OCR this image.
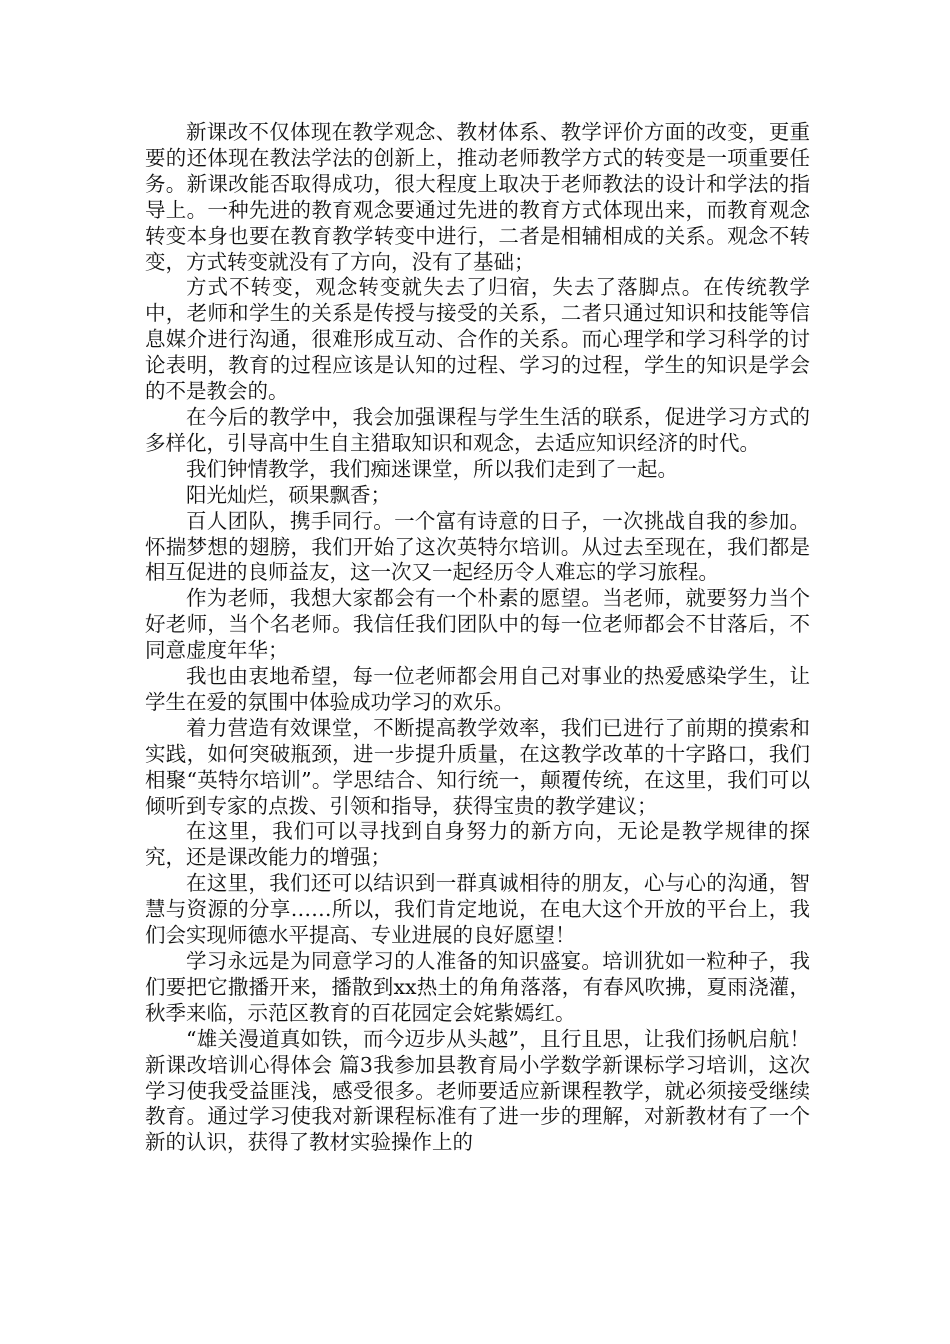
新课改不仅体现在教学观念、教材体系、教学评价方面的改变，更重要的还体现在教法学法的创新上，推动老师教学方式的转变是一项重要任务。新课改能否取得成功，很大程度上取决于老师教法的设计和学法的指导上。一种先进的教育观念要通过先进的教育方式体现出来，而教育观念转变本身也要在教育教学转变中进行，二者是相辅相成的关系。观念不转变，方式转变就没有了方向，没有了基础；

方式不转变，观念转变就失去了归宿，失去了落脚点。在传统教学中，老师和学生的关系是传授与接受的关系，二者只通过知识和技能等信息媒介进行沟通，很难形成互动、合作的关系。而心理学和学习科学的讨论表明，教育的过程应该是认知的过程、学习的过程，学生的知识是学会的不是教会的。

在今后的教学中，我会加强课程与学生生活的联系，促进学习方式的多样化，引导高中生自主猎取知识和观念，去适应知识经济的时代。

我们钟情教学，我们痴迷课堂，所以我们走到了一起。

阳光灿烂，硕果飘香；

百人团队，携手同行。一个富有诗意的日子，一次挑战自我的参加。怀揣梦想的翅膀，我们开始了这次英特尔培训。从过去至现在，我们都是相互促进的良师益友，这一次又一起经历令人难忘的学习旅程。

作为老师，我想大家都会有一个朴素的愿望。当老师，就要努力当个好老师，当个名老师。我信任我们团队中的每一位老师都会不甘落后，不同意虚度年华；

我也由衷地希望，每一位老师都会用自己对事业的热爱感染学生，让学生在爱的氛围中体验成功学习的欢乐。

着力营造有效课堂，不断提高教学效率，我们已进行了前期的摸索和实践，如何突破瓶颈，进一步提升质量，在这教学改革的十字路口，我们相聚“英特尔培训”。学思结合、知行统一，颠覆传统，在这里，我们可以倾听到专家的点拨、引领和指导，获得宝贵的教学建议；

在这里，我们可以寻找到自身努力的新方向，无论是教学规律的探究，还是课改能力的增强；

在这里，我们还可以结识到一群真诚相待的朋友，心与心的沟通，智慧与资源的分享……所以，我们肯定地说，在电大这个开放的平台上，我们会实现师德水平提高、专业进展的良好愿望！

学习永远是为同意学习的人准备的知识盛宴。培训犹如一粒种子，我们要把它撒播开来，播散到xx热土的角角落落，有春风吹拂，夏雨浇灌，秋季来临，示范区教育的百花园定会姹紫嫣红。

“雄关漫道真如铁，而今迈步从头越”，且行且思，让我们扬帆启航！新课改培训心得体会 篇3我参加县教育局小学数学新课标学习培训，这次学习使我受益匪浅，感受很多。老师要适应新课程教学，就必须接受继续教育。通过学习使我对新课程标准有了进一步的理解，对新教材有了一个新的认识，获得了教材实验操作上的
